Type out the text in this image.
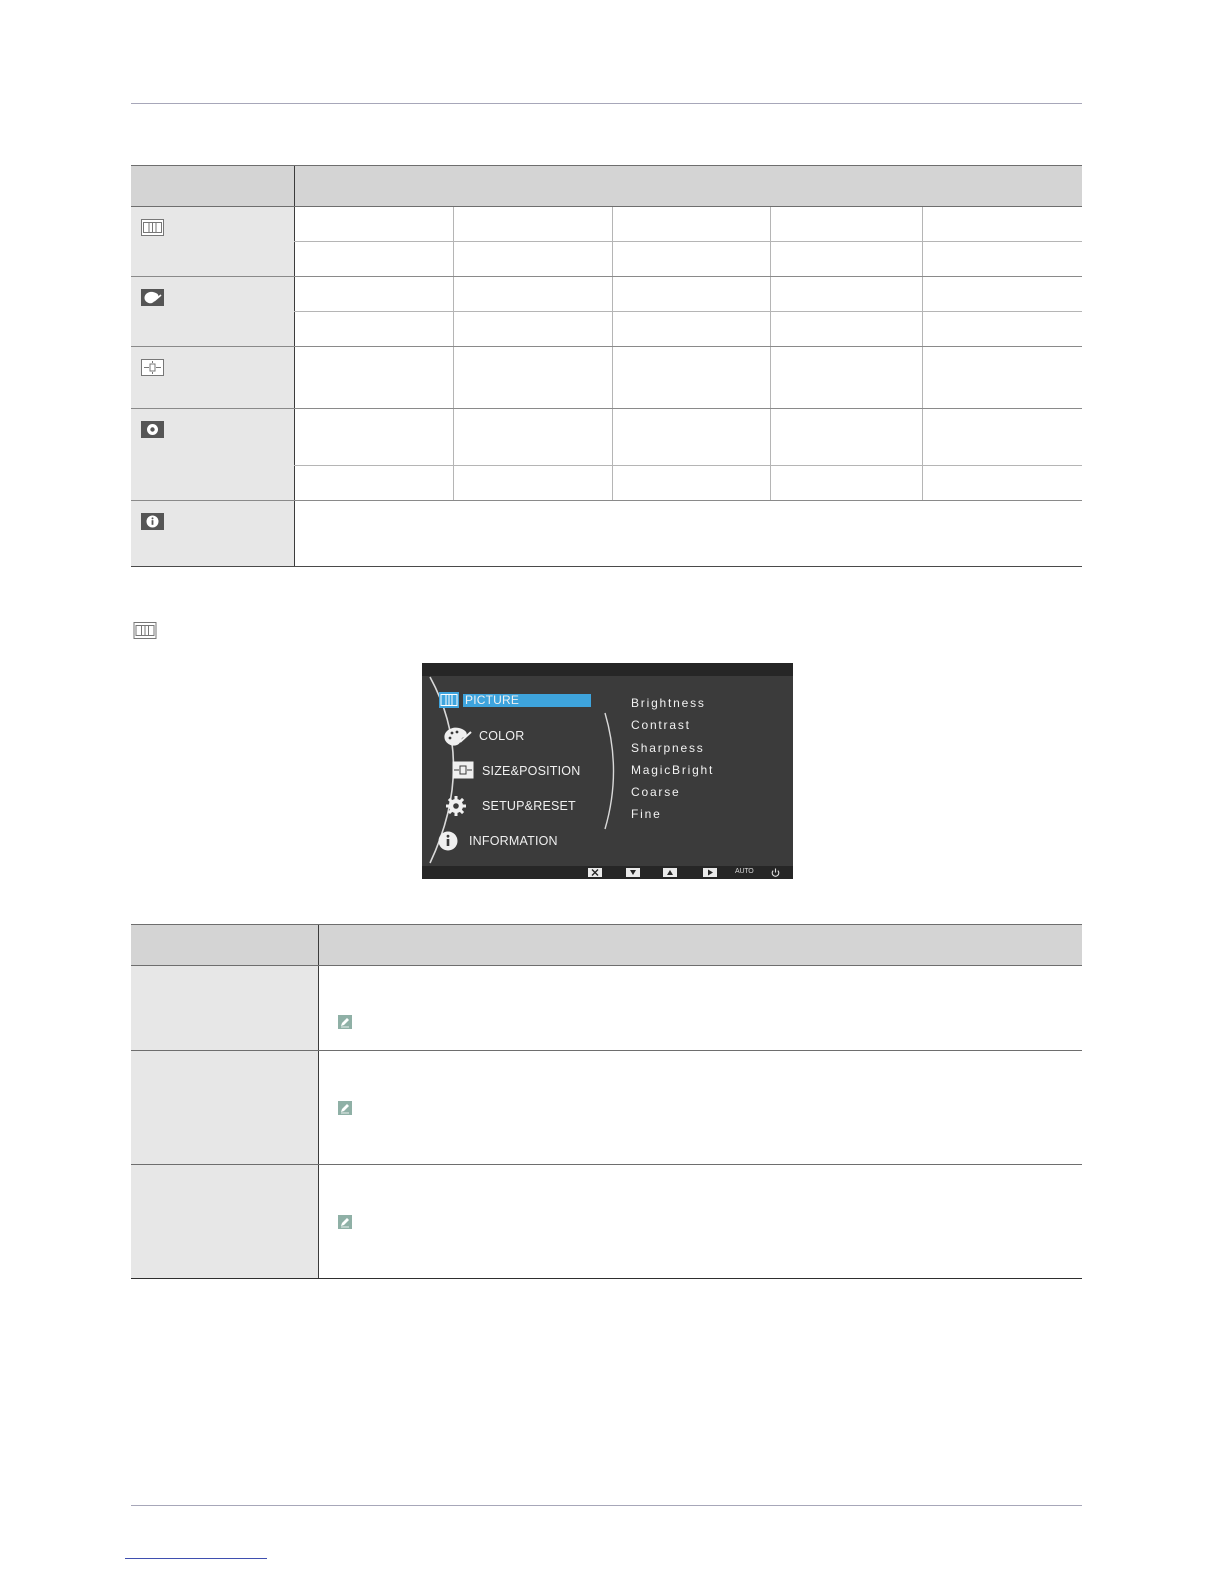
PICTURE
COLOR
SIZE&POSITION
SETUP&RESET
INFORMATION
Brightness
Contrast
Sharpness
MagicBright
Coarse
Fine
AUTO
